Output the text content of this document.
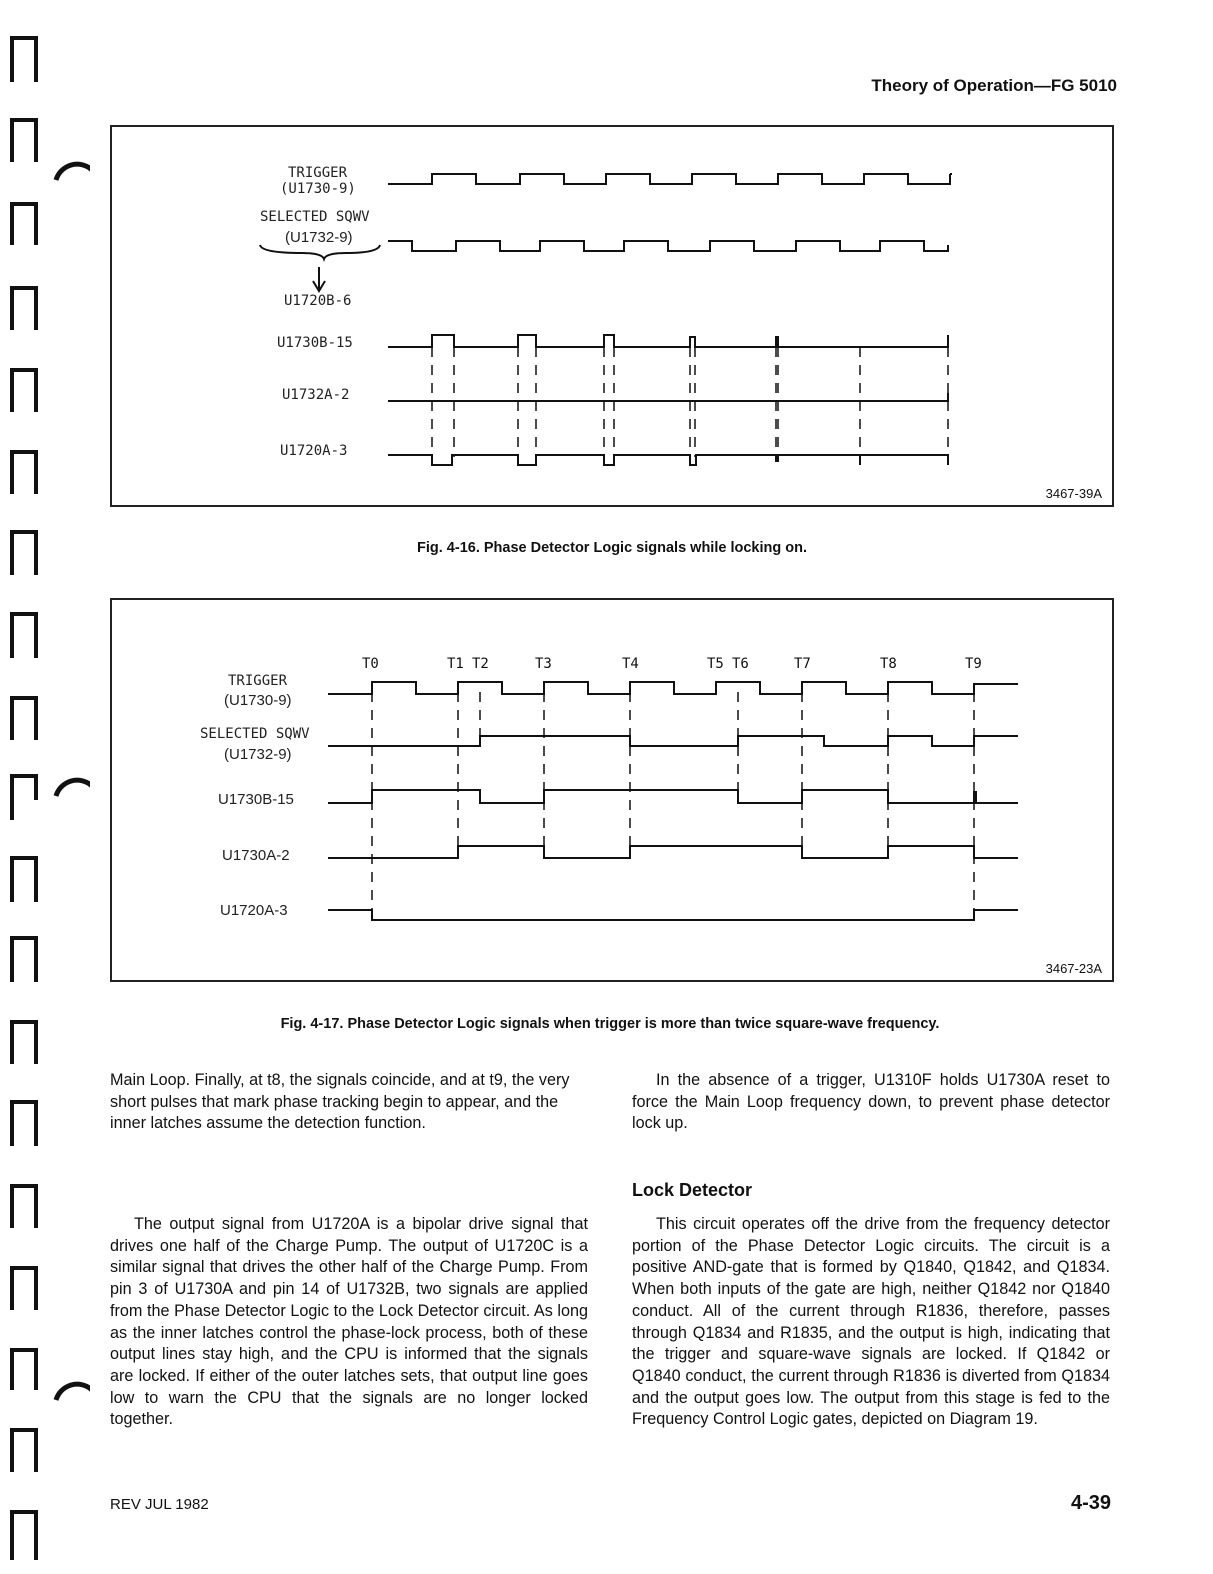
Theory of Operation—FG 5010
TRIGGER
(U1730-9)
SELECTED SQWV
(U1732-9)
U1720B-6
U1730B-15
U1732A-2
U1720A-3
3467-39A
Fig. 4-16. Phase Detector Logic signals while locking on.
T0	T1 T2	T3	T4	T5 T6	T7	T8	T9
TRIGGER
(U1730-9)
SELECTED SQWV
(U1732-9)
U1730B-15
U1730A-2
U1720A-3
3467-23A
Fig. 4-17. Phase Detector Logic signals when trigger is more than twice square-wave frequency.
Main Loop. Finally, at t8, the signals coincide, and at t9, the very short pulses that mark phase tracking begin to appear, and the inner latches assume the detection function.
The output signal from U1720A is a bipolar drive signal that drives one half of the Charge Pump. The output of U1720C is a similar signal that drives the other half of the Charge Pump. From pin 3 of U1730A and pin 14 of U1732B, two signals are applied from the Phase Detector Logic to the Lock Detector circuit. As long as the inner latches control the phase-lock process, both of these output lines stay high, and the CPU is informed that the signals are locked. If either of the outer latches sets, that output line goes low to warn the CPU that the signals are no longer locked together.
In the absence of a trigger, U1310F holds U1730A reset to force the Main Loop frequency down, to prevent phase detector lock up.
Lock Detector
This circuit operates off the drive from the frequency detector portion of the Phase Detector Logic circuits. The circuit is a positive AND-gate that is formed by Q1840, Q1842, and Q1834. When both inputs of the gate are high, neither Q1842 nor Q1840 conduct. All of the current through R1836, therefore, passes through Q1834 and R1835, and the output is high, indicating that the trigger and square-wave signals are locked. If Q1842 or Q1840 conduct, the current through R1836 is diverted from Q1834 and the output goes low. The output from this stage is fed to the Frequency Control Logic gates, depicted on Diagram 19.
REV JUL 1982	4-39
